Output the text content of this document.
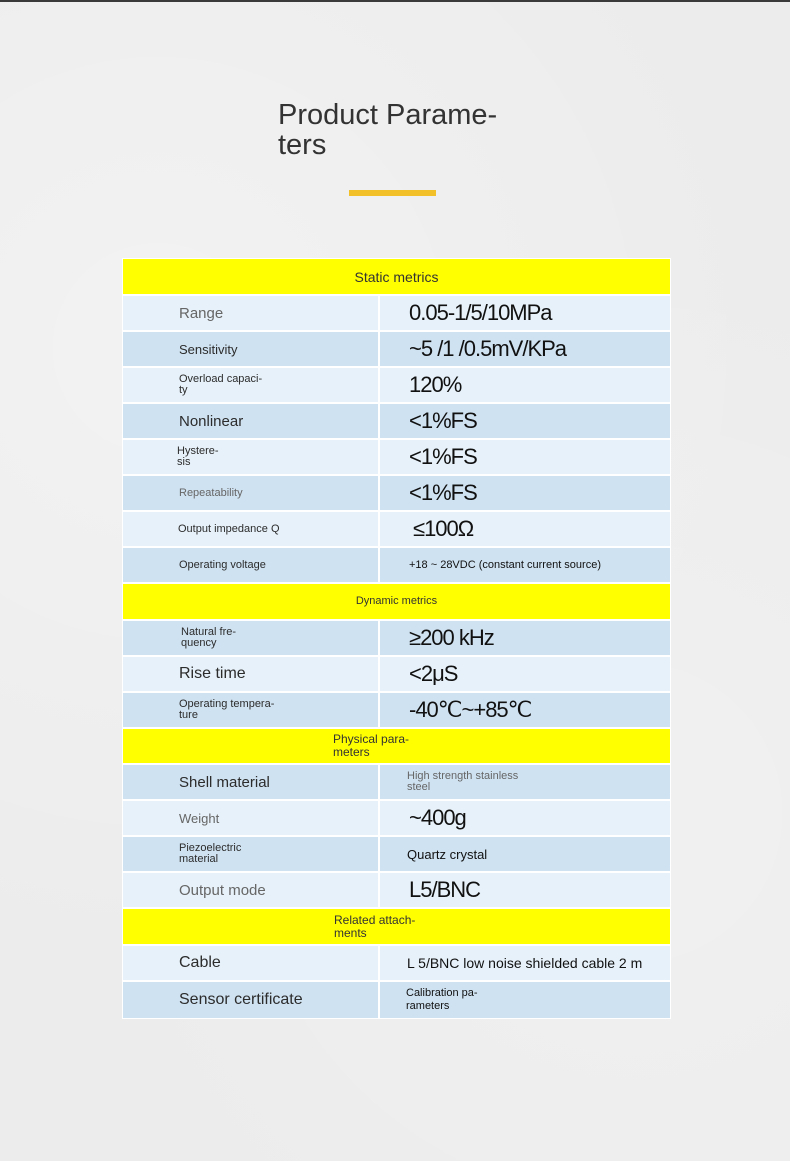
Product Parame-
ters
Static metrics
Range	0.05-1/5/10MPa
Sensitivity	~5 /1 /0.5mV/KPa
Overload capaci-
ty	120%
Nonlinear	<1%FS
Hystere-
sis	<1%FS
Repeatability	<1%FS
Output impedance Q	≤100Ω
Operating voltage	+18 ~ 28VDC (constant current source)
Dynamic metrics
Natural fre-
quency	≥200 kHz
Rise time	<2μS
Operating tempera-
ture	-40℃~+85℃
Physical para-
meters
Shell material	High strength stainless
steel
Weight	~400g
Piezoelectric
material	Quartz crystal
Output mode	L5/BNC
Related attach-
ments
Cable	L 5/BNC low noise shielded cable 2 m
Sensor certificate	Calibration pa-
rameters
